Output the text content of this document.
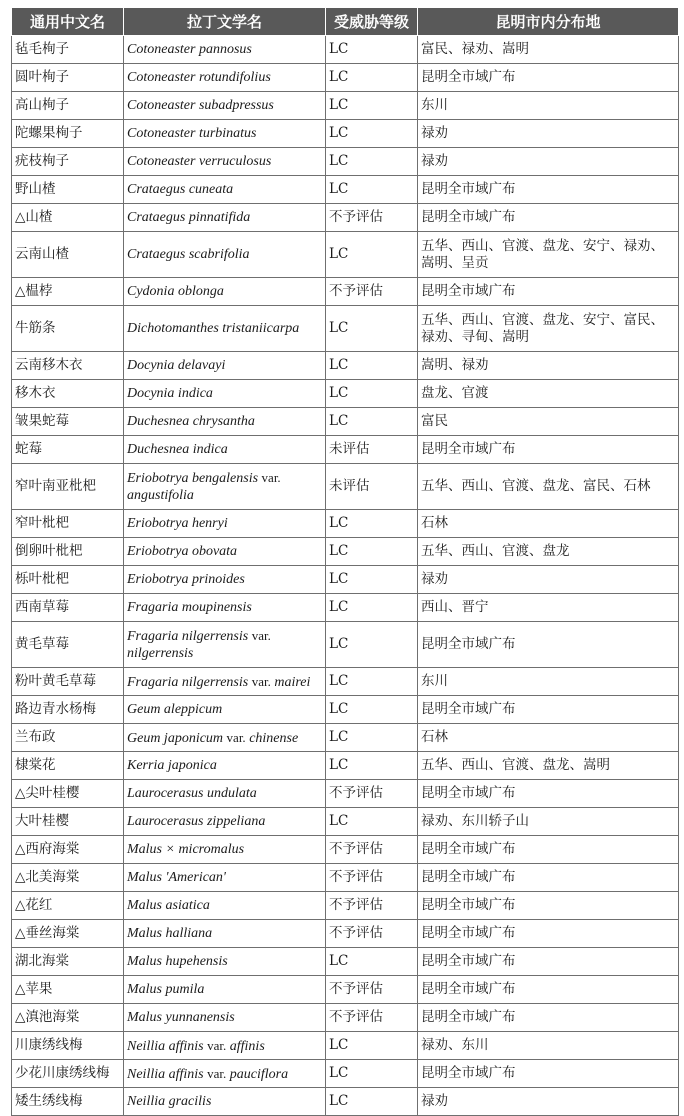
通用中文名	拉丁文学名	受威胁等级	昆明市内分布地
毡毛栒子	Cotoneaster pannosus	LC	富民、禄劝、嵩明
圆叶栒子	Cotoneaster rotundifolius	LC	昆明全市域广布
高山栒子	Cotoneaster subadpressus	LC	东川
陀螺果栒子	Cotoneaster turbinatus	LC	禄劝
疣枝栒子	Cotoneaster verruculosus	LC	禄劝
野山楂	Crataegus cuneata	LC	昆明全市域广布
△山楂	Crataegus pinnatifida	不予评估	昆明全市域广布
云南山楂	Crataegus scabrifolia	LC	五华、西山、官渡、盘龙、安宁、禄劝、嵩明、呈贡
△榅桲	Cydonia oblonga	不予评估	昆明全市域广布
牛筋条	Dichotomanthes tristaniicarpa	LC	五华、西山、官渡、盘龙、安宁、富民、禄劝、寻甸、嵩明
云南移木衣	Docynia delavayi	LC	嵩明、禄劝
移木衣	Docynia indica	LC	盘龙、官渡
皱果蛇莓	Duchesnea chrysantha	LC	富民
蛇莓	Duchesnea indica	未评估	昆明全市域广布
窄叶南亚枇杷	Eriobotrya bengalensis var. angustifolia	未评估	五华、西山、官渡、盘龙、富民、石林
窄叶枇杷	Eriobotrya henryi	LC	石林
倒卵叶枇杷	Eriobotrya obovata	LC	五华、西山、官渡、盘龙
栎叶枇杷	Eriobotrya prinoides	LC	禄劝
西南草莓	Fragaria moupinensis	LC	西山、晋宁
黄毛草莓	Fragaria nilgerrensis var. nilgerrensis	LC	昆明全市域广布
粉叶黄毛草莓	Fragaria nilgerrensis var. mairei	LC	东川
路边青水杨梅	Geum aleppicum	LC	昆明全市域广布
兰布政	Geum japonicum var. chinense	LC	石林
棣棠花	Kerria japonica	LC	五华、西山、官渡、盘龙、嵩明
△尖叶桂樱	Laurocerasus undulata	不予评估	昆明全市域广布
大叶桂樱	Laurocerasus zippeliana	LC	禄劝、东川轿子山
△西府海棠	Malus × micromalus	不予评估	昆明全市域广布
△北美海棠	Malus 'American'	不予评估	昆明全市域广布
△花红	Malus asiatica	不予评估	昆明全市域广布
△垂丝海棠	Malus halliana	不予评估	昆明全市域广布
湖北海棠	Malus hupehensis	LC	昆明全市域广布
△苹果	Malus pumila	不予评估	昆明全市域广布
△滇池海棠	Malus yunnanensis	不予评估	昆明全市域广布
川康绣线梅	Neillia affinis var. affinis	LC	禄劝、东川
少花川康绣线梅	Neillia affinis var. pauciflora	LC	昆明全市域广布
矮生绣线梅	Neillia gracilis	LC	禄劝
